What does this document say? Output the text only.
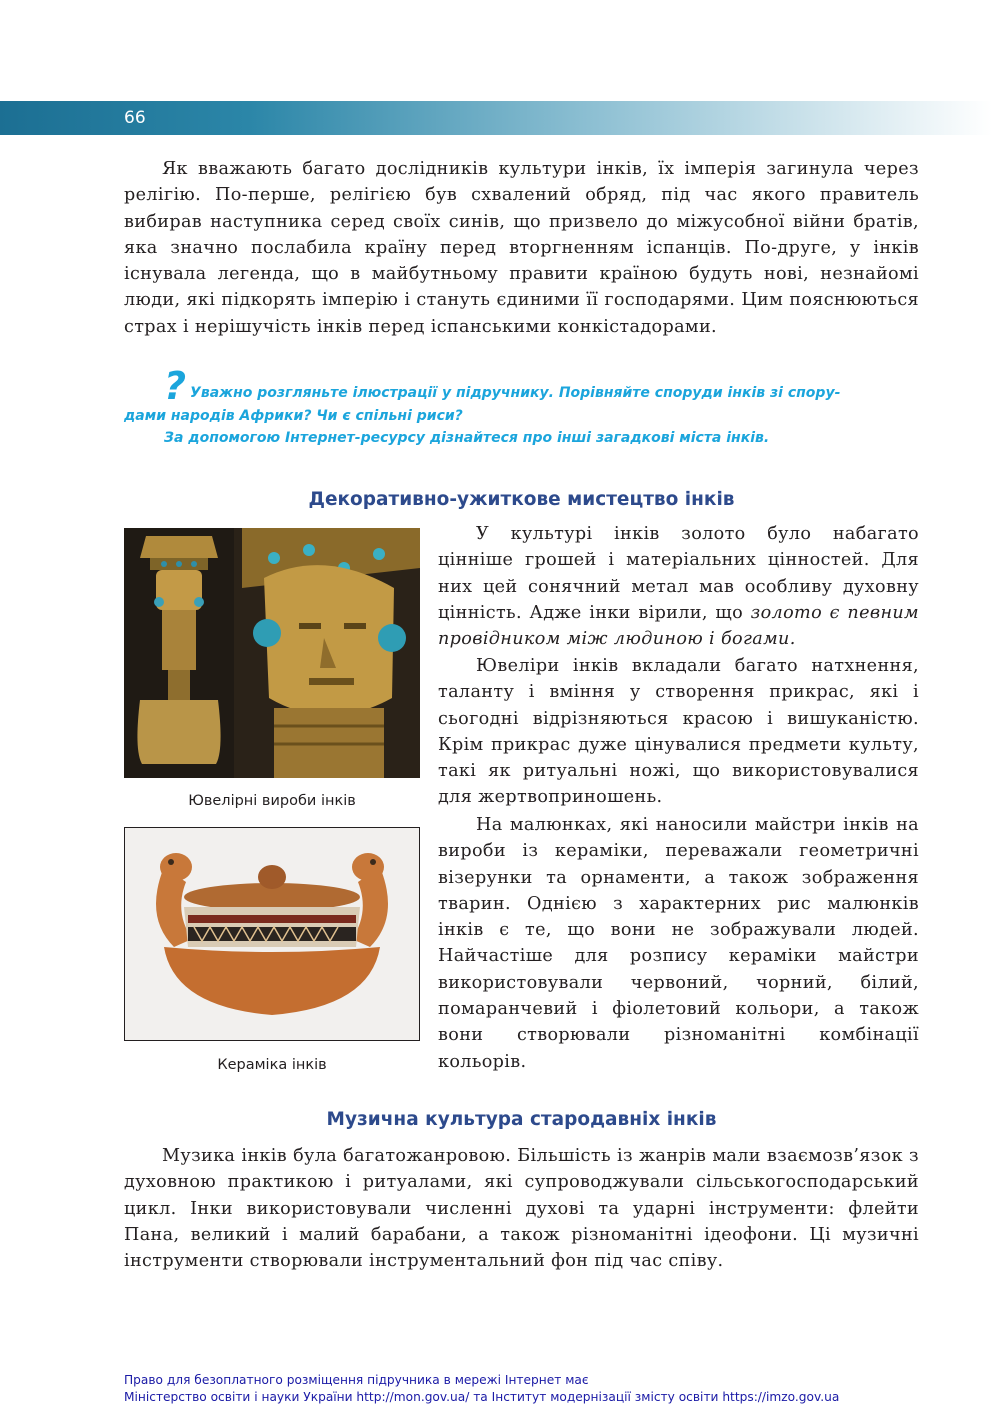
66

Як вважають багато дослідників культури інків, їх імперія загинула через релігію. По-перше, релігією був схвалений обряд, під час якого правитель вибирав наступника серед своїх синів, що призвело до міжусобної війни братів, яка значно послабила країну перед вторгненням іспанців. По-друге, у інків існувала легенда, що в майбутньому правити країною будуть нові, незнайомі люди, які підкорять імперію і стануть єдиними її господарями. Цим пояснюються страх і нерішучість інків перед іспанськими конкістадорами.

? Уважно розгляньте ілюстрації у підручнику. Порівняйте споруди інків зі спору-
дами народів Африки? Чи є спільні риси?
За допомогою Інтернет-ресурсу дізнайтеся про інші загадкові міста інків.
Декоративно-ужиткове мистецтво інків
Ювелірні вироби інків
Кераміка інків

У культурі інків золото було набагато цінніше грошей і матеріальних цінностей. Для них цей сонячний метал мав особливу духовну цінність. Адже інки вірили, що золото є певним провідником між людиною і богами.

Ювеліри інків вкладали багато натхнення, таланту і вміння у створення прикрас, які і сьогодні відрізняються красою і вишуканістю. Крім прикрас дуже цінувалися предмети культу, такі як ритуальні ножі, що використовувалися для жертвоприношень.

На малюнках, які наносили майстри інків на вироби із кераміки, переважали геометричні візерунки та орнаменти, а також зображення тварин. Однією з характерних рис малюнків інків є те, що вони не зображували людей. Найчастіше для розпису кераміки майстри використовували червоний, чорний, білий, помаранчевий і фіолетовий кольори, а також вони створювали різноманітні комбінації кольорів.

Музична культура стародавніх інків

Музика інків була багатожанровою. Більшість із жанрів мали взаємозв’язок з духовною практикою і ритуалами, які супроводжували сільськогосподарський цикл. Інки використовували численні духові та ударні інструменти: флейти Пана, великий і малий барабани, а також різноманітні ідеофони. Ці музичні інструменти створювали інструментальний фон під час співу.

Право для безоплатного розміщення підручника в мережі Інтернет має
Міністерство освіти і науки України http://mon.gov.ua/ та Інститут модернізації змісту освіти https://imzo.gov.ua
